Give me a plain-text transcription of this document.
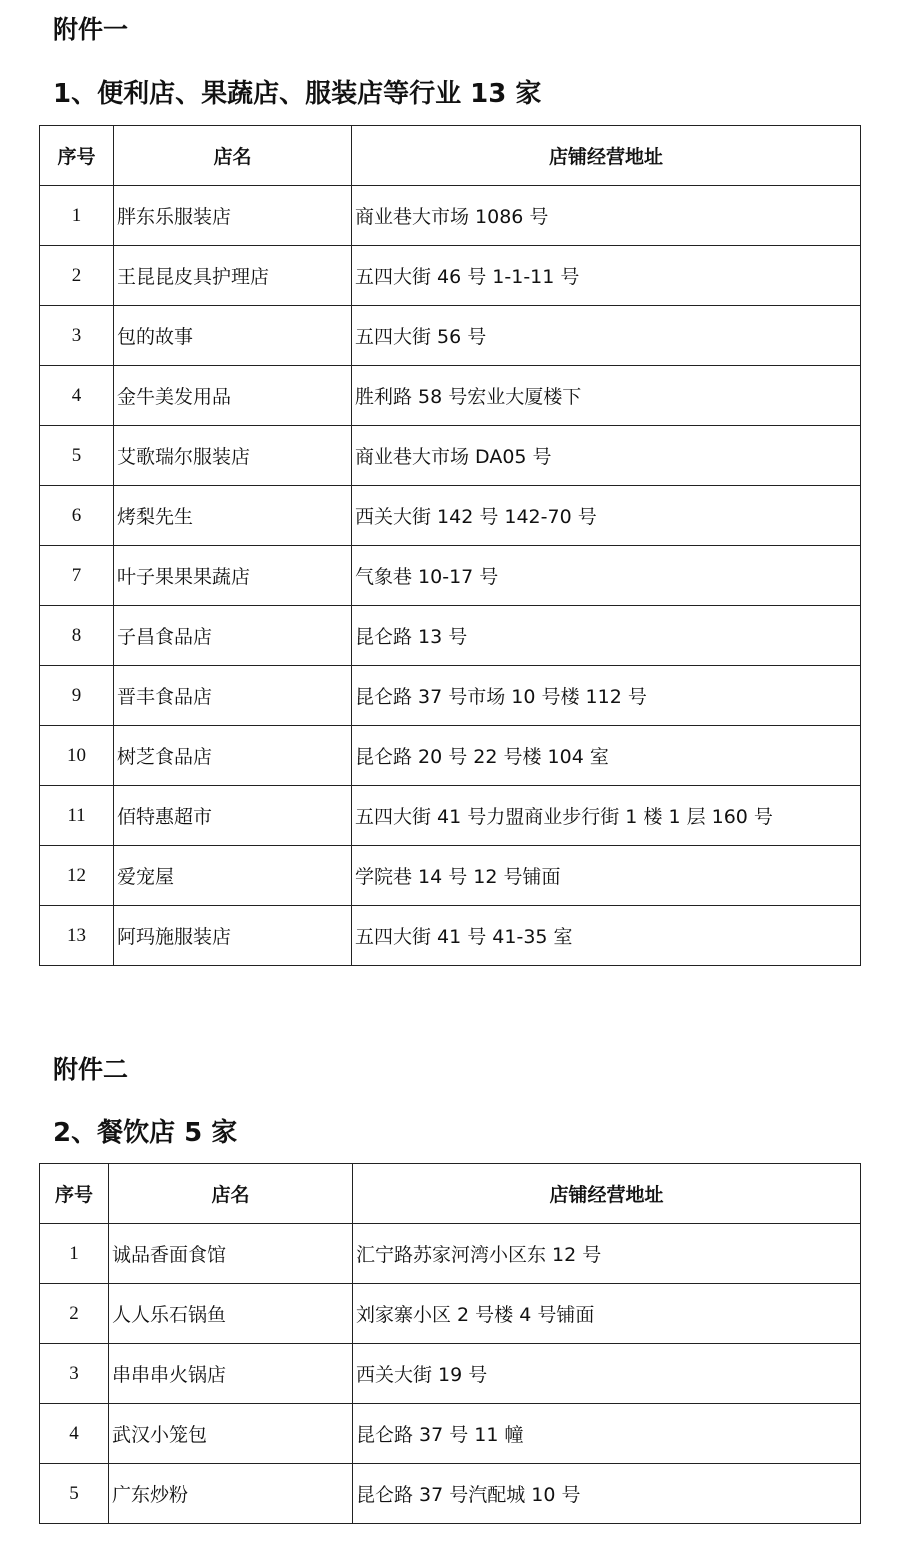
附件一
1、便利店、果蔬店、服装店等行业 13 家
序号	店名	店铺经营地址
1	胖东乐服装店	商业巷大市场 1086 号
2	王昆昆皮具护理店	五四大街 46 号 1-1-11 号
3	包的故事	五四大街 56 号
4	金牛美发用品	胜利路 58 号宏业大厦楼下
5	艾歌瑞尔服装店	商业巷大市场 DA05 号
6	烤梨先生	西关大街 142 号 142-70 号
7	叶子果果果蔬店	气象巷 10-17 号
8	子昌食品店	昆仑路 13 号
9	晋丰食品店	昆仑路 37 号市场 10 号楼 112 号
10	树芝食品店	昆仑路 20 号 22 号楼 104 室
11	佰特惠超市	五四大街 41 号力盟商业步行街 1 楼 1 层 160 号
12	爱宠屋	学院巷 14 号 12 号铺面
13	阿玛施服装店	五四大街 41 号 41-35 室
附件二
2、餐饮店 5 家
序号	店名	店铺经营地址
1	诚品香面食馆	汇宁路苏家河湾小区东 12 号
2	人人乐石锅鱼	刘家寨小区 2 号楼 4 号铺面
3	串串串火锅店	西关大街 19 号
4	武汉小笼包	昆仑路 37 号 11 幢
5	广东炒粉	昆仑路 37 号汽配城 10 号
